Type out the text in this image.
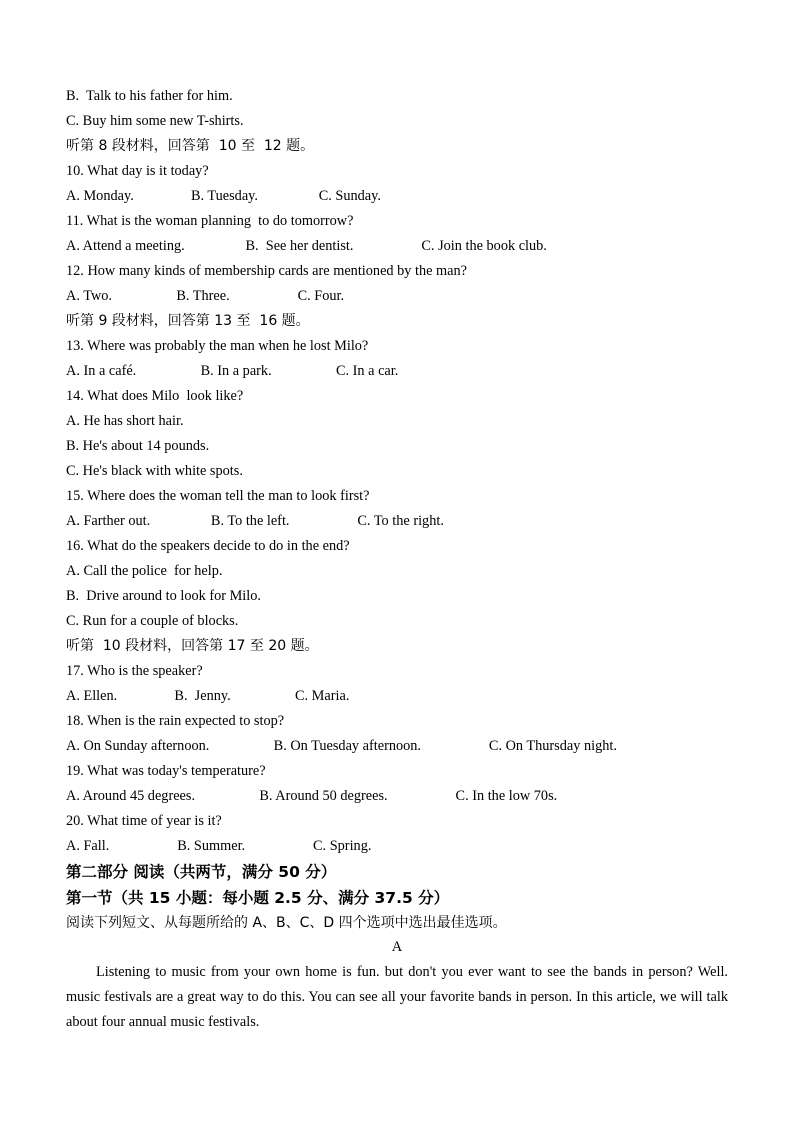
B.  Talk to his father for him.
C. Buy him some new T-shirts.
听第 8 段材料，回答第  10 至  12 题。
10. What day is it today?
A. Monday.                B. Tuesday.                 C. Sunday.
11. What is the woman planning  to do tomorrow?
A. Attend a meeting.                 B.  See her dentist.                   C. Join the book club.
12. How many kinds of membership cards are mentioned by the man?
A. Two.                  B. Three.                   C. Four.
听第 9 段材料，回答第 13 至  16 题。
13. Where was probably the man when he lost Milo?
A. In a café.                  B. In a park.                  C. In a car.
14. What does Milo  look like?
A. He has short hair.
B. He's about 14 pounds.
C. He's black with white spots.
15. Where does the woman tell the man to look first?
A. Farther out.                 B. To the left.                   C. To the right.
16. What do the speakers decide to do in the end?
A. Call the police  for help.
B.  Drive around to look for Milo.
C. Run for a couple of blocks.
听第  10 段材料，回答第 17 至 20 题。
17. Who is the speaker?
A. Ellen.                B.  Jenny.                  C. Maria.
18. When is the rain expected to stop?
A. On Sunday afternoon.                  B. On Tuesday afternoon.                   C. On Thursday night.
19. What was today's temperature?
A. Around 45 degrees.                  B. Around 50 degrees.                   C. In the low 70s.
20. What time of year is it?
A. Fall.                   B. Summer.                   C. Spring.
第二部分 阅读（共两节，满分 50 分）
第一节（共 15 小题：每小题 2.5 分、满分 37.5 分）
阅读下列短文、从每题所给的 A、B、C、D 四个选项中选出最佳选项。
A
Listening to music from your own home is fun. but don't you ever want to see the bands in person? Well. music festivals are a great way to do this. You can see all your favorite bands in person. In this article, we will talk about four annual music festivals.
